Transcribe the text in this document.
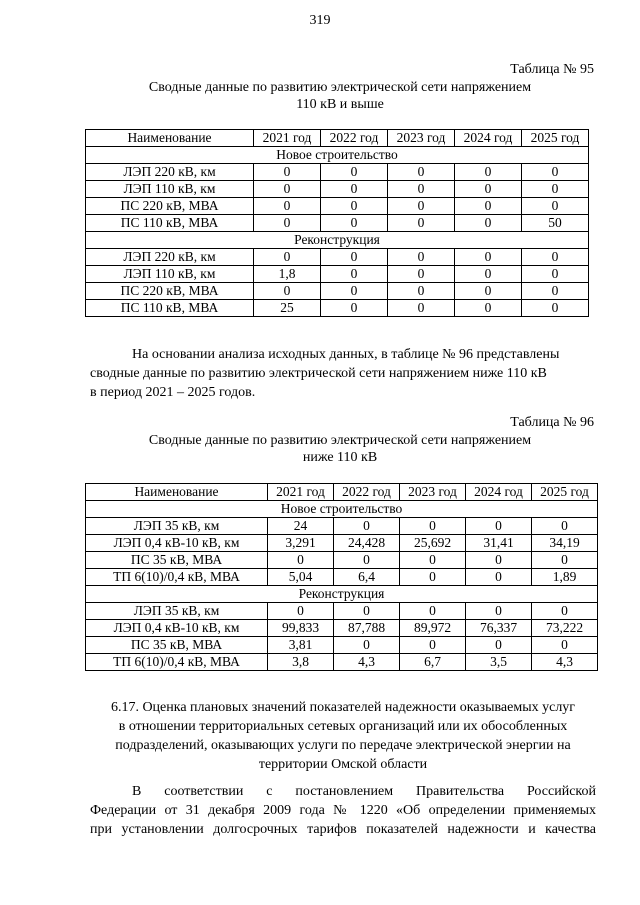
319
Таблица № 95
Сводные данные по развитию электрической сети напряжением
110 кВ и выше
Наименование	2021 год	2022 год	2023 год	2024 год	2025 год
Новое строительство					
ЛЭП 220 кВ, км	0	0	0	0	0
ЛЭП 110 кВ, км	0	0	0	0	0
ПС 220 кВ, МВА	0	0	0	0	0
ПС 110 кВ, МВА	0	0	0	0	50
Реконструкция					
ЛЭП 220 кВ, км	0	0	0	0	0
ЛЭП 110 кВ, км	1,8	0	0	0	0
ПС 220 кВ, МВА	0	0	0	0	0
ПС 110 кВ, МВА	25	0	0	0	0
На основании анализа исходных данных, в таблице № 96 представлены
сводные данные по развитию электрической сети напряжением ниже 110 кВ
в период 2021 – 2025 годов.
Таблица № 96
Сводные данные по развитию электрической сети напряжением
ниже 110 кВ
Наименование	2021 год	2022 год	2023 год	2024 год	2025 год
Новое строительство					
ЛЭП 35 кВ, км	24	0	0	0	0
ЛЭП 0,4 кВ-10 кВ, км	3,291	24,428	25,692	31,41	34,19
ПС 35 кВ, МВА	0	0	0	0	0
ТП 6(10)/0,4 кВ, МВА	5,04	6,4	0	0	1,89
Реконструкция					
ЛЭП 35 кВ, км	0	0	0	0	0
ЛЭП 0,4 кВ-10 кВ, км	99,833	87,788	89,972	76,337	73,222
ПС 35 кВ, МВА	3,81	0	0	0	0
ТП 6(10)/0,4 кВ, МВА	3,8	4,3	6,7	3,5	4,3
6.17. Оценка плановых значений показателей надежности оказываемых услуг
в отношении территориальных сетевых организаций или их обособленных
подразделений, оказывающих услуги по передаче электрической энергии на
территории Омской области
В соответствии с постановлением Правительства Российской
Федерации от 31 декабря 2009 года № 1220 «Об определении применяемых
при установлении долгосрочных тарифов показателей надежности и качества
